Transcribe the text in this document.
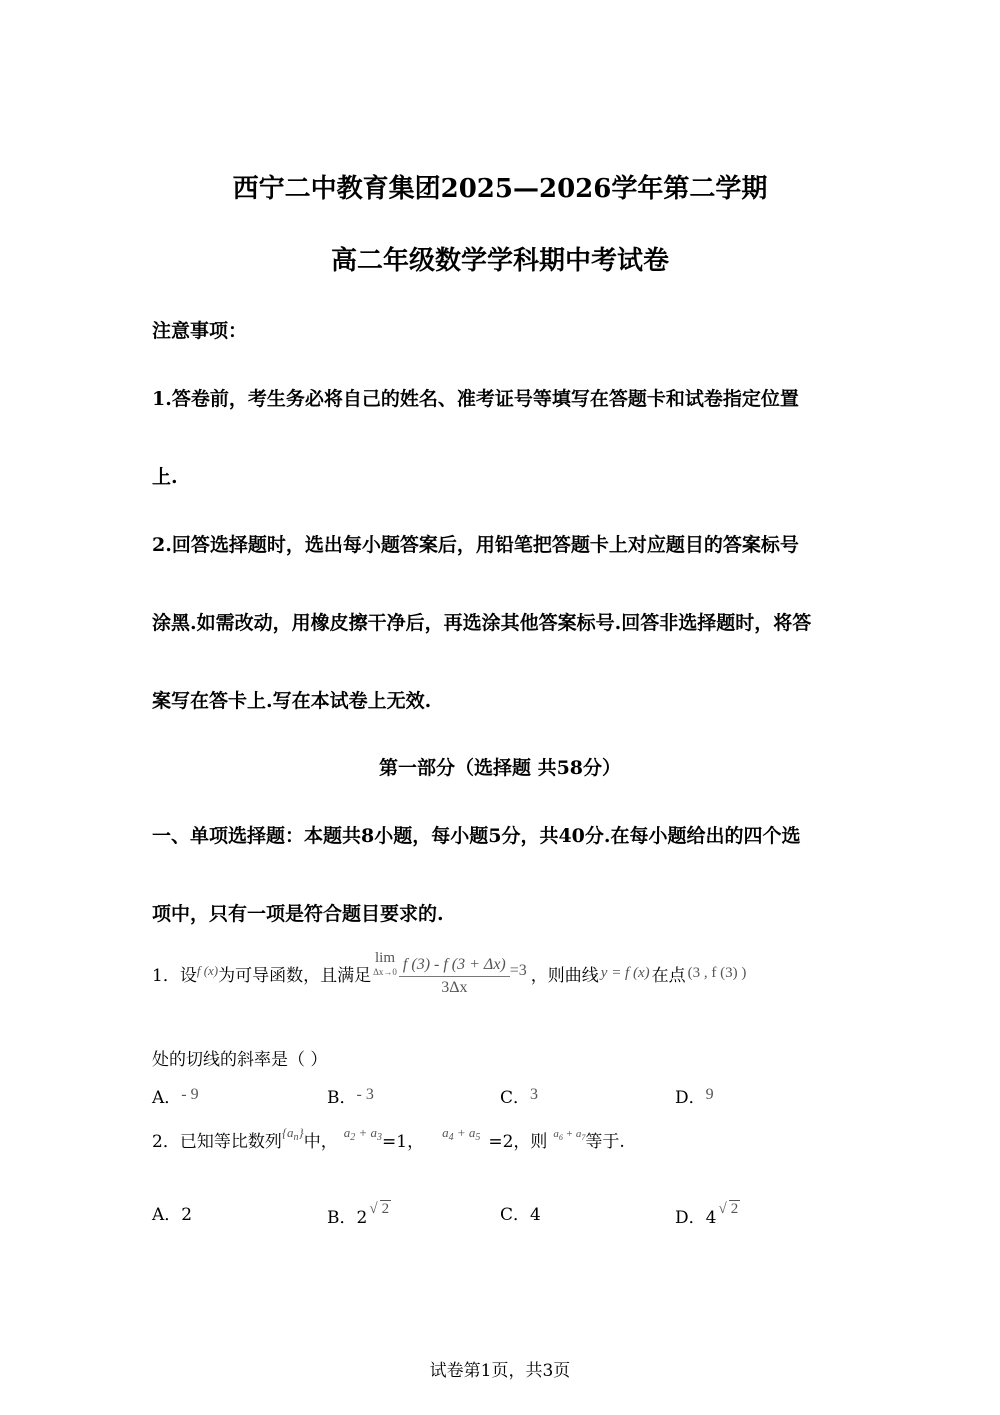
西宁二中教育集团2025—2026学年第二学期
高二年级数学学科期中考试卷
注意事项：
1.答卷前，考生务必将自己的姓名、准考证号等填写在答题卡和试卷指定位置
上.
2.回答选择题时，选出每小题答案后，用铅笔把答题卡上对应题目的答案标号
涂黑.如需改动，用橡皮擦干净后，再选涂其他答案标号.回答非选择题时，将答
案写在答卡上.写在本试卷上无效.
第一部分（选择题 共58分）
一、单项选择题：本题共8小题，每小题5分，共40分.在每小题给出的四个选
项中，只有一项是符合题目要求的.
1．设$^{f (x)}$为可导函数，且满足
lim
$\Delta x\to 0 \frac{f (3) - f (3 + \Delta x)}{3\Delta x} =3$ ，则曲线 y = f (x) 在点 (3 , f (3) )
处的切线的斜率是（ ）
A．- 9	B．- 3	C．3	D．9
2．已知等比数列$^{\{a_n\}}$中， $^{a_2 + a_3}$=1， $^{a_4 + a_5}$ =2，则 $^{a_6 + a_7}$等于.
A．2	B．2 √ 2	C．4	D．4 √ 2
试卷第1页，共3页
